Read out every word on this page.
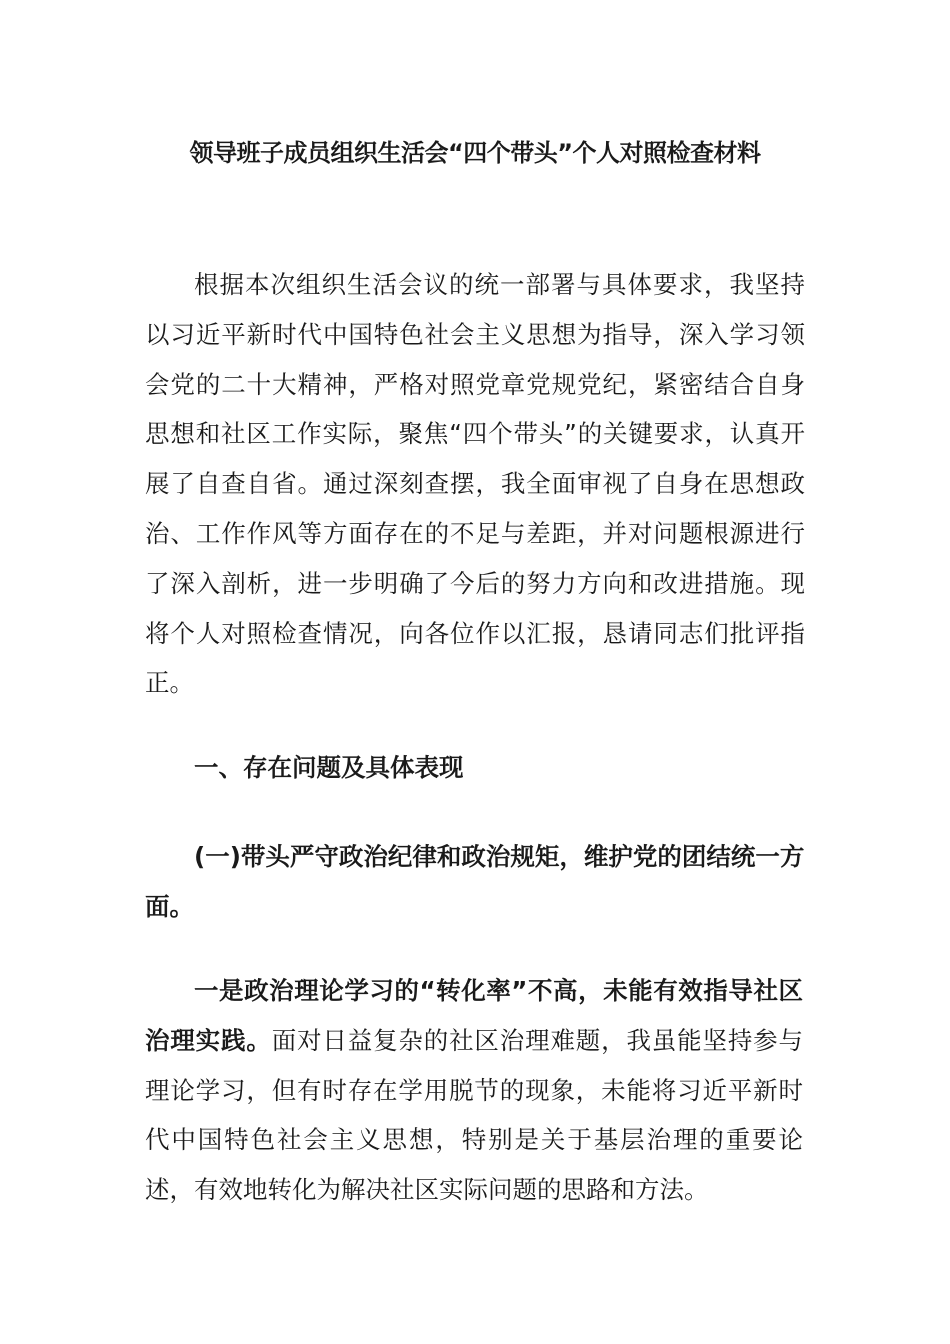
领导班子成员组织生活会“四个带头”个人对照检查材料

根据本次组织生活会议的统一部署与具体要求，我坚持以习近平新时代中国特色社会主义思想为指导，深入学习领会党的二十大精神，严格对照党章党规党纪，紧密结合自身思想和社区工作实际，聚焦“四个带头”的关键要求，认真开展了自查自省。通过深刻查摆，我全面审视了自身在思想政治、工作作风等方面存在的不足与差距，并对问题根源进行了深入剖析，进一步明确了今后的努力方向和改进措施。现将个人对照检查情况，向各位作以汇报，恳请同志们批评指正。

一、存在问题及具体表现
(一)带头严守政治纪律和政治规矩，维护党的团结统一方面。

一是政治理论学习的“转化率”不高，未能有效指导社区治理实践。面对日益复杂的社区治理难题，我虽能坚持参与理论学习，但有时存在学用脱节的现象，未能将习近平新时代中国特色社会主义思想，特别是关于基层治理的重要论述，有效地转化为解决社区实际问题的思路和方法。
